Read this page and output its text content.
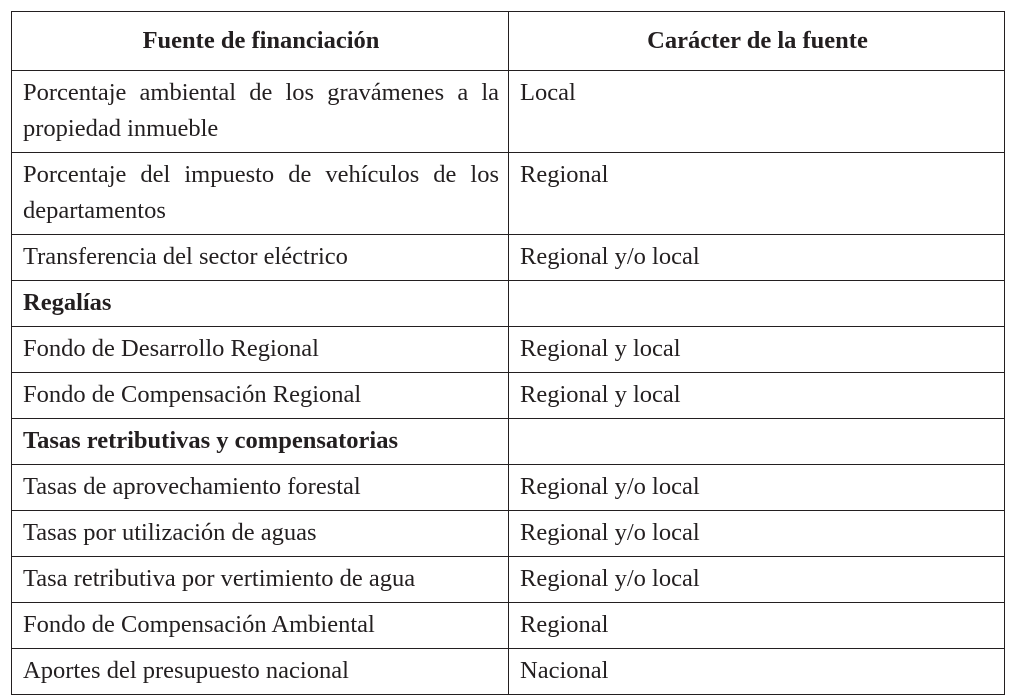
Fuente de financiación	Carácter de la fuente
Porcentaje ambiental de los gravámenes a la propiedad inmueble	Local
Porcentaje del impuesto de vehículos de los departamentos	Regional
Transferencia del sector eléctrico	Regional y/o local
Regalías	
Fondo de Desarrollo Regional	Regional y local
Fondo de Compensación Regional	Regional y local
Tasas retributivas y compensatorias	
Tasas de aprovechamiento forestal	Regional y/o local
Tasas por utilización de aguas	Regional y/o local
Tasa retributiva por vertimiento de agua	Regional y/o local
Fondo de Compensación Ambiental	Regional
Aportes del presupuesto nacional	Nacional
